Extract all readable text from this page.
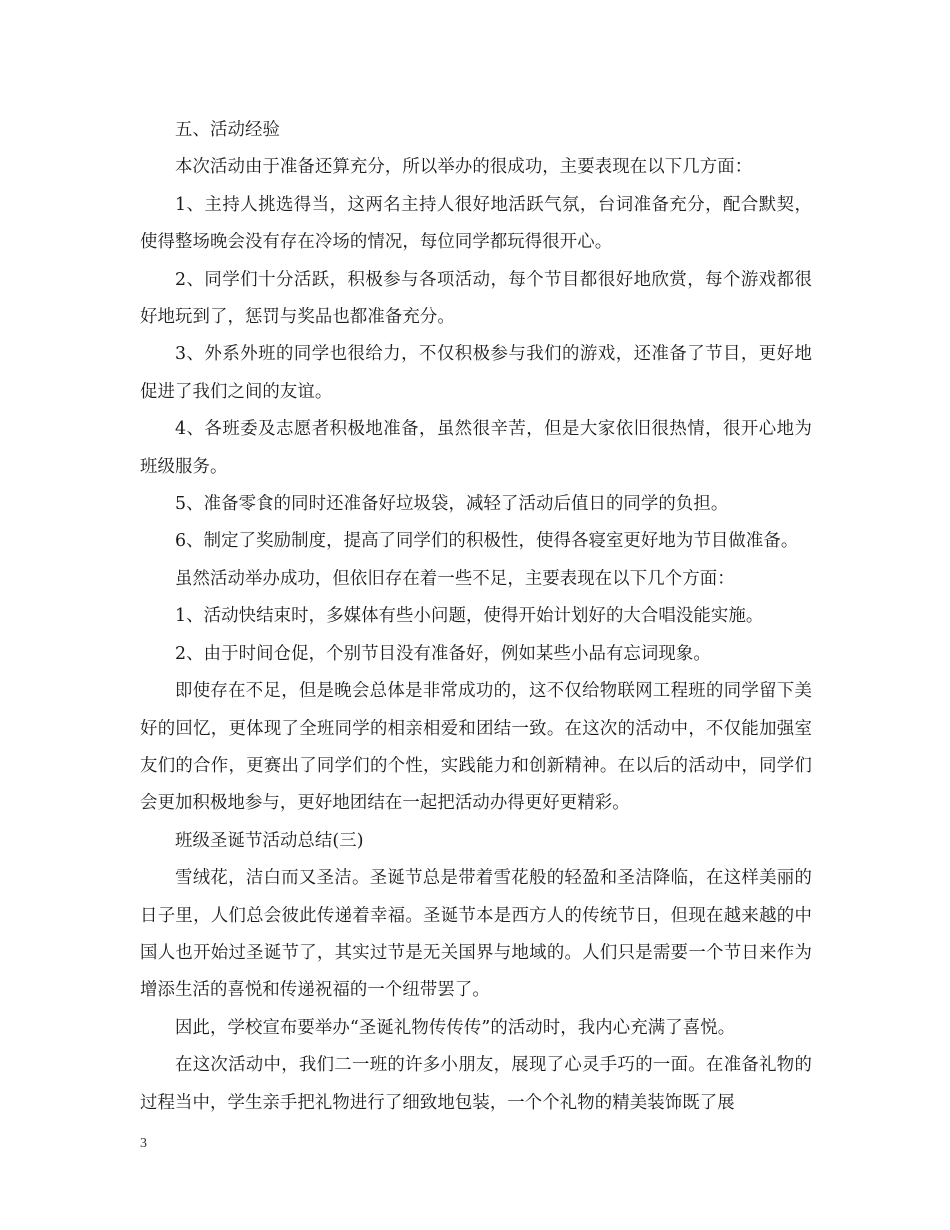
五、活动经验

本次活动由于准备还算充分，所以举办的很成功，主要表现在以下几方面：

1、主持人挑选得当，这两名主持人很好地活跃气氛，台词准备充分，配合默契，使得整场晚会没有存在冷场的情况，每位同学都玩得很开心。

2、同学们十分活跃，积极参与各项活动，每个节目都很好地欣赏，每个游戏都很好地玩到了，惩罚与奖品也都准备充分。

3、外系外班的同学也很给力，不仅积极参与我们的游戏，还准备了节目，更好地促进了我们之间的友谊。

4、各班委及志愿者积极地准备，虽然很辛苦，但是大家依旧很热情，很开心地为班级服务。

5、准备零食的同时还准备好垃圾袋，减轻了活动后值日的同学的负担。

6、制定了奖励制度，提高了同学们的积极性，使得各寝室更好地为节目做准备。

虽然活动举办成功，但依旧存在着一些不足，主要表现在以下几个方面：

1、活动快结束时，多媒体有些小问题，使得开始计划好的大合唱没能实施。

2、由于时间仓促，个别节目没有准备好，例如某些小品有忘词现象。

即使存在不足，但是晚会总体是非常成功的，这不仅给物联网工程班的同学留下美好的回忆，更体现了全班同学的相亲相爱和团结一致。在这次的活动中，不仅能加强室友们的合作，更赛出了同学们的个性，实践能力和创新精神。在以后的活动中，同学们会更加积极地参与，更好地团结在一起把活动办得更好更精彩。

班级圣诞节活动总结(三)

雪绒花，洁白而又圣洁。圣诞节总是带着雪花般的轻盈和圣洁降临，在这样美丽的日子里，人们总会彼此传递着幸福。圣诞节本是西方人的传统节日，但现在越来越的中国人也开始过圣诞节了，其实过节是无关国界与地域的。人们只是需要一个节日来作为增添生活的喜悦和传递祝福的一个纽带罢了。

因此，学校宣布要举办“圣诞礼物传传传”的活动时，我内心充满了喜悦。

在这次活动中，我们二一班的许多小朋友，展现了心灵手巧的一面。在准备礼物的过程当中，学生亲手把礼物进行了细致地包装，一个个礼物的精美装饰既了展

3
